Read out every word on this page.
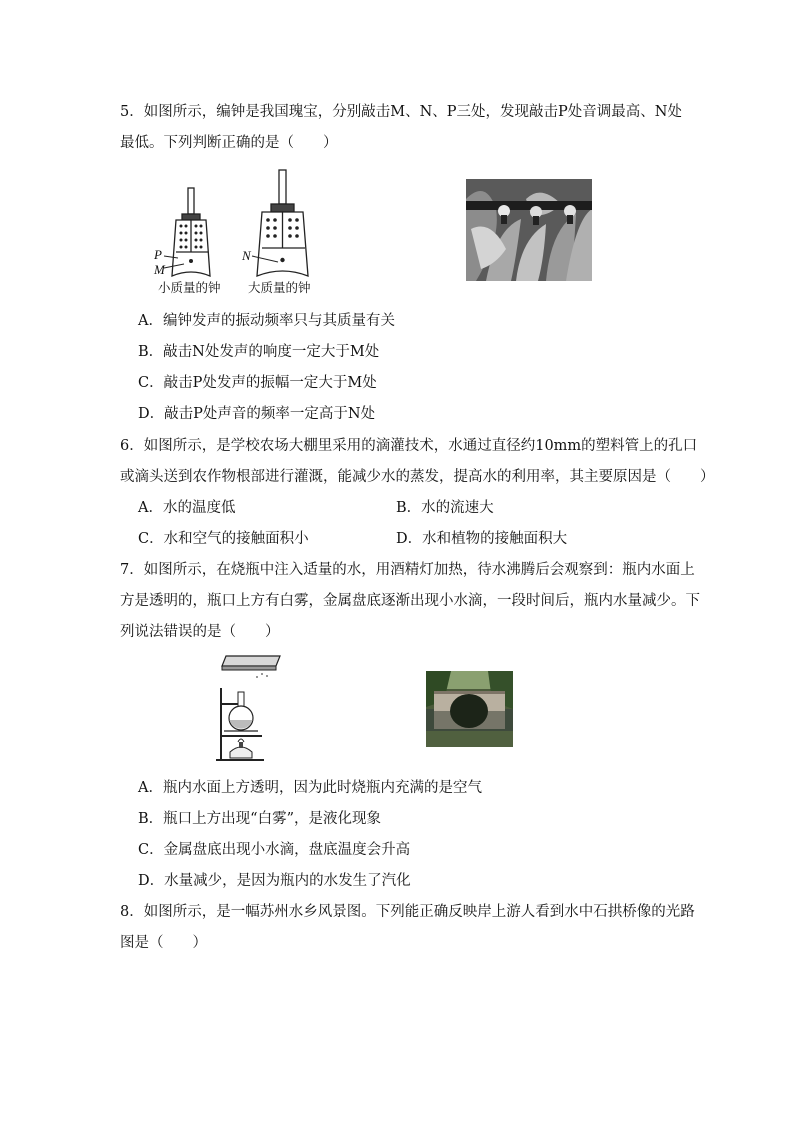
5．如图所示，编钟是我国瑰宝，分别敲击M、N、P三处，发现敲击P处音调最高、N处
最低。下列判断正确的是（　　）
P
M
N
小质量的钟 大质量的钟
A．编钟发声的振动频率只与其质量有关
B．敲击N处发声的响度一定大于M处
C．敲击P处发声的振幅一定大于M处
D．敲击P处声音的频率一定高于N处
6．如图所示，是学校农场大棚里采用的滴灌技术，水通过直径约10mm的塑料管上的孔口
或滴头送到农作物根部进行灌溉，能减少水的蒸发，提高水的利用率，其主要原因是（　　）
A．水的温度低	B．水的流速大
C．水和空气的接触面积小	D．水和植物的接触面积大
7．如图所示，在烧瓶中注入适量的水，用酒精灯加热，待水沸腾后会观察到：瓶内水面上
方是透明的，瓶口上方有白雾，金属盘底逐渐出现小水滴，一段时间后，瓶内水量减少。下
列说法错误的是（　　）
A．瓶内水面上方透明，因为此时烧瓶内充满的是空气
B．瓶口上方出现“白雾”，是液化现象
C．金属盘底出现小水滴，盘底温度会升高
D．水量减少，是因为瓶内的水发生了汽化
8．如图所示，是一幅苏州水乡风景图。下列能正确反映岸上游人看到水中石拱桥像的光路
图是（　　）
